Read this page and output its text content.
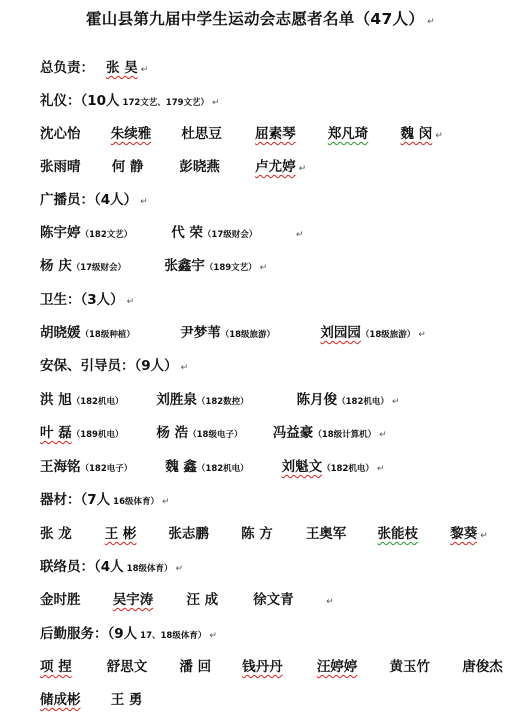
霍山县第九届中学生运动会志愿者名单（47人） ↵
总负责： 张 昊 ↵
礼仪：（10人 172文艺、179文艺） ↵
沈心怡 朱续雅 杜思豆 屈素琴 郑凡琦 魏 闵 ↵
张雨晴 何 静	彭晓燕	卢尤婷 ↵
广播员：（4人） ↵
陈宇婷（182文艺）	代 荣（17级财会）	↵
杨 庆（17级财会）	张鑫宇（189文艺） ↵
卫生：（3人） ↵
胡晓媛（18级种植）	尹梦苇（18级旅游）	刘园园（18级旅游） ↵
安保、引导员：（9人） ↵
洪 旭（182机电） 刘胜泉（182数控）	陈月俊（182机电） ↵
叶 磊（189机电） 杨 浩（18级电子） 冯益豪（18级计算机） ↵
王海铭（182电子） 魏 鑫（182机电） 刘魁文（182机电） ↵
器材：（7人 16级体育） ↵
张 龙 王 彬 张志鹏 陈 方 王奥军 张能枝 黎葵 ↵
联络员：（4人 18级体育） ↵
金时胜 吴宇涛 汪 成	徐文青	↵
后勤服务：（9人 17、18级体育） ↵
项 捏	舒思文 潘 回 钱丹丹	汪婷婷 黄玉竹 唐俊杰
储成彬 王 勇
